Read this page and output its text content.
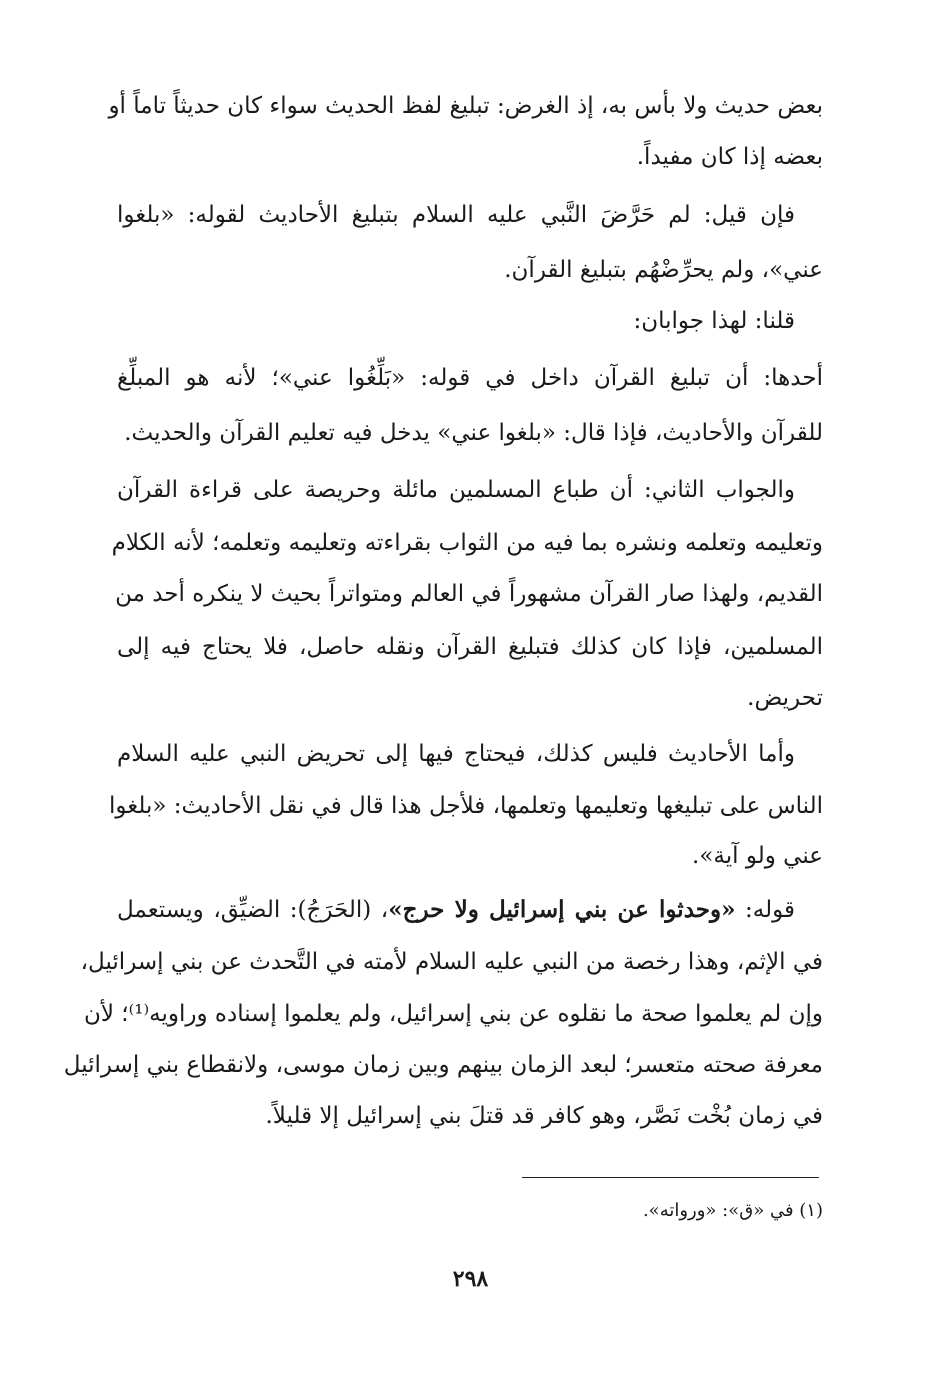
بعض حديث ولا بأس به، إذ الغرض: تبليغ لفظ الحديث سواء كان حديثاً تاماً أو
بعضه إذا كان مفيداً.
فإن قيل: لم حَرَّضَ النَّبي عليه السلام بتبليغ الأحاديث لقوله: «بلغوا
عني»، ولم يحرِّضْهُم بتبليغ القرآن.
قلنا: لهذا جوابان:
أحدها: أن تبليغ القرآن داخل في قوله: «بَلِّغُوا عني»؛ لأنه هو المبلِّغ
للقرآن والأحاديث، فإذا قال: «بلغوا عني» يدخل فيه تعليم القرآن والحديث.
والجواب الثاني: أن طباع المسلمين مائلة وحريصة على قراءة القرآن
وتعليمه وتعلمه ونشره بما فيه من الثواب بقراءته وتعليمه وتعلمه؛ لأنه الكلام
القديم، ولهذا صار القرآن مشهوراً في العالم ومتواتراً بحيث لا ينكره أحد من
المسلمين، فإذا كان كذلك فتبليغ القرآن ونقله حاصل، فلا يحتاج فيه إلى
تحريض.
وأما الأحاديث فليس كذلك، فيحتاج فيها إلى تحريض النبي عليه السلام
الناس على تبليغها وتعليمها وتعلمها، فلأجل هذا قال في نقل الأحاديث: «بلغوا
عني ولو آية».
قوله: «وحدثوا عن بني إسرائيل ولا حرج»، (الحَرَجُ): الضيِّق، ويستعمل
في الإثم، وهذا رخصة من النبي عليه السلام لأمته في التَّحدث عن بني إسرائيل،
وإن لم يعلموا صحة ما نقلوه عن بني إسرائيل، ولم يعلموا إسناده وراويه⁽¹⁾؛ لأن
معرفة صحته متعسر؛ لبعد الزمان بينهم وبين زمان موسى، ولانقطاع بني إسرائيل
في زمان بُخْت نَصَّر، وهو كافر قد قتلَ بني إسرائيل إلا قليلاً.
(١) في «ق»: «ورواته».
٢٩٨
